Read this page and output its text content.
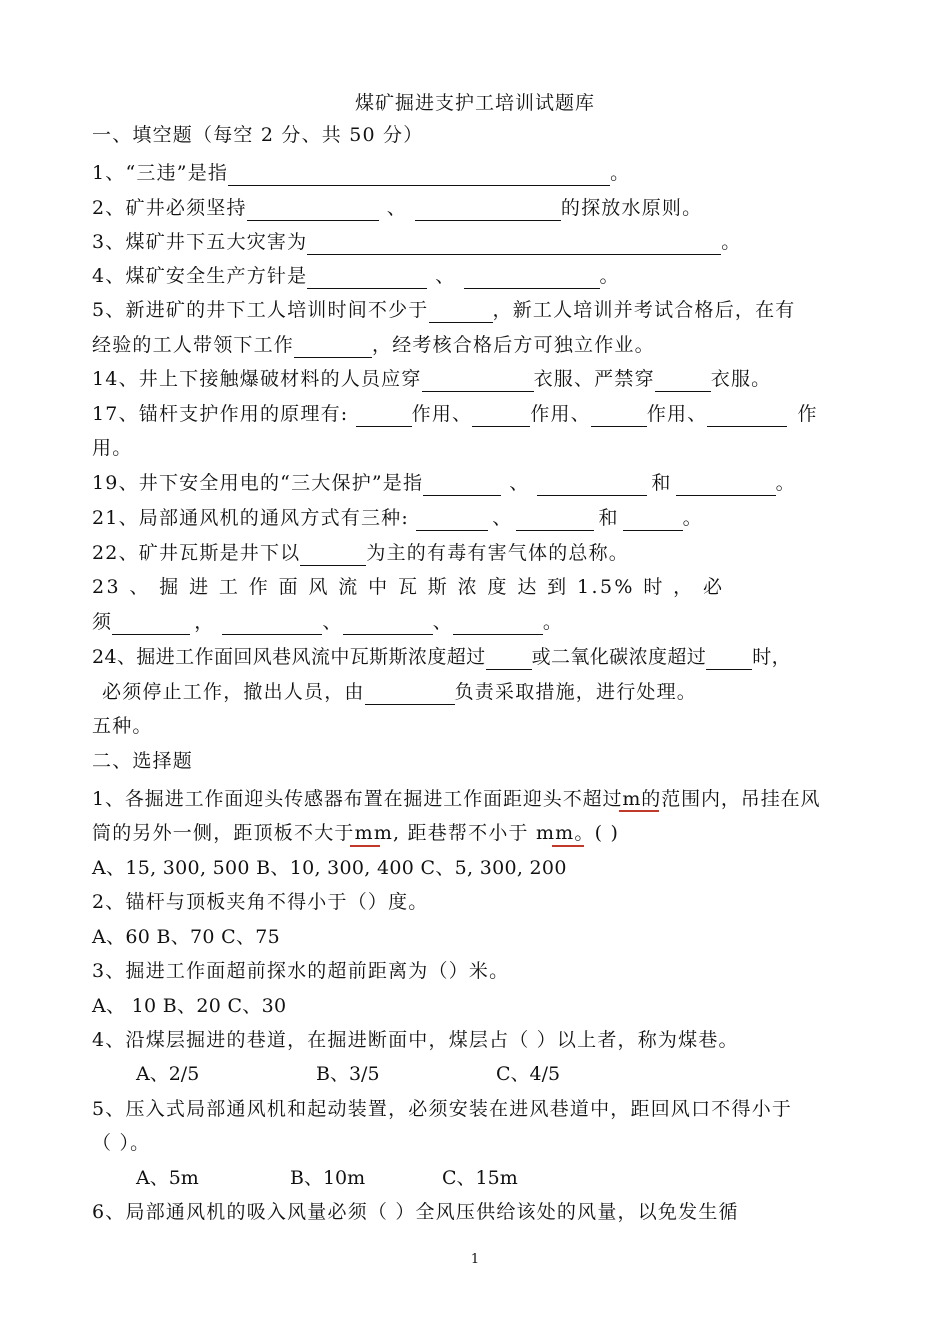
煤矿掘进支护工培训试题库
一、填空题（每空 2 分、共 50 分）
1、“三违”是指	。
2、矿井必须坚持	、	的探放水原则。
3、煤矿井下五大灾害为	。
4、煤矿安全生产方针是	、	。
5、新进矿的井下工人培训时间不少于	，新工人培训并考试合格后，在有
经验的工人带领下工作	，经考核合格后方可独立作业。
14、井上下接触爆破材料的人员应穿	衣服、严禁穿	衣服。
17、锚杆支护作用的原理有:	作用、	作用、	作用、	作
用。
19、井下安全用电的“三大保护”是指	、	和	。
21、局部通风机的通风方式有三种:	、	和	。
22、矿井瓦斯是井下以	为主的有毒有害气体的总称。
23 、 掘 进 工 作 面 风 流 中 瓦 斯 浓 度 达 到 1.5% 时 ， 必
须	，	、	、	。
24、掘进工作面回风巷风流中瓦斯斯浓度超过 或二氧化碳浓度超过 时，
必须停止工作，撤出人员，由	负责采取措施，进行处理。
五种。
二、选择题
1、各掘进工作面迎头传感器布置在掘进工作面距迎头不超过m的范围内，吊挂在风
筒的另外一侧，距顶板不大于mm, 距巷帮不小于 mm。( )
A、15, 300, 500 B、10, 300, 400 C、5, 300, 200
2、锚杆与顶板夹角不得小于（）度。
A、60 B、70 C、75
3、掘进工作面超前探水的超前距离为（）米。
A、 10 B、20 C、30
4、沿煤层掘进的巷道，在掘进断面中，煤层占（ ）以上者，称为煤巷。
A、2/5	B、3/5	C、4/5
5、压入式局部通风机和起动装置，必须安装在进风巷道中，距回风口不得小于
（ ）。
A、5m	B、10m	C、15m
6、局部通风机的吸入风量必须（ ）全风压供给该处的风量，以免发生循
1
